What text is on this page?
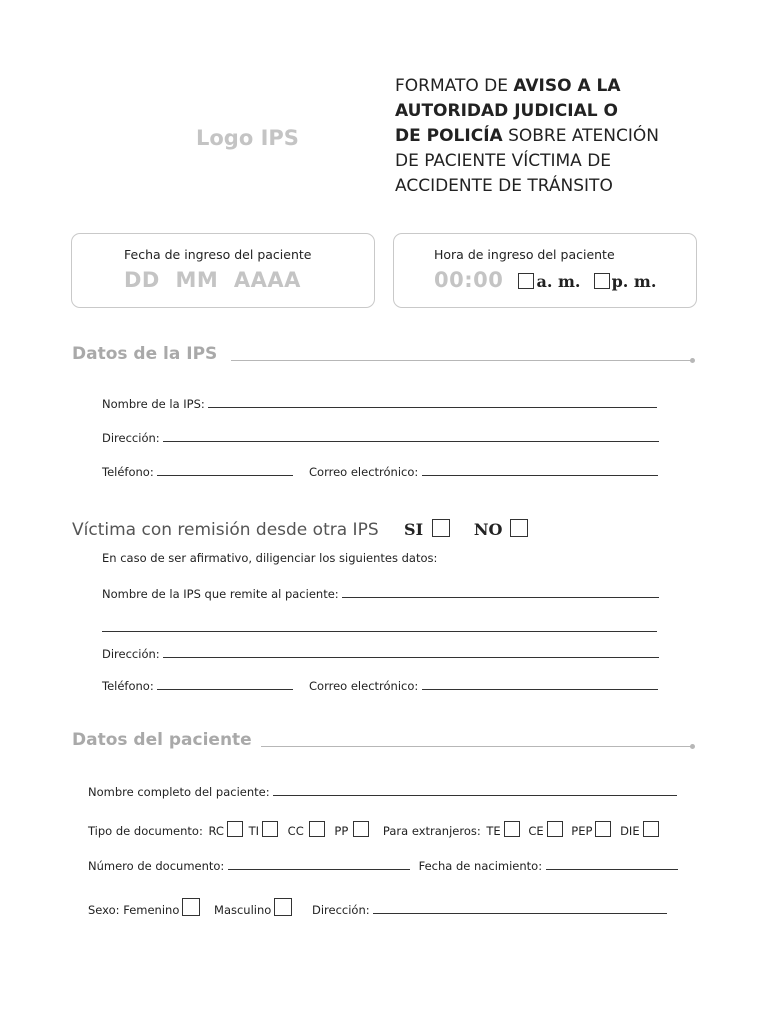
Logo IPS
FORMATO DE AVISO A LA
AUTORIDAD JUDICIAL O
DE POLICÍA SOBRE ATENCIÓN
DE PACIENTE VÍCTIMA DE
ACCIDENTE DE TRÁNSITO
Fecha de ingreso del paciente
DD  MM  AAAA
Hora de ingreso del paciente
00:00 a. m. p. m.
Datos de la IPS
Nombre de la IPS:
Dirección:
Teléfono:	Correo electrónico:
Víctima con remisión desde otra IPS SI	NO
En caso de ser afirmativo, diligenciar los siguientes datos:
Nombre de la IPS que remite al paciente:
Dirección:
Teléfono:	Correo electrónico:
Datos del paciente
Nombre completo del paciente:
Tipo de documento: RC TI CC	PP	Para extranjeros: TE CE PEP DIE
Número de documento:	Fecha de nacimiento:
Sexo: Femenino	Masculino	Dirección:
